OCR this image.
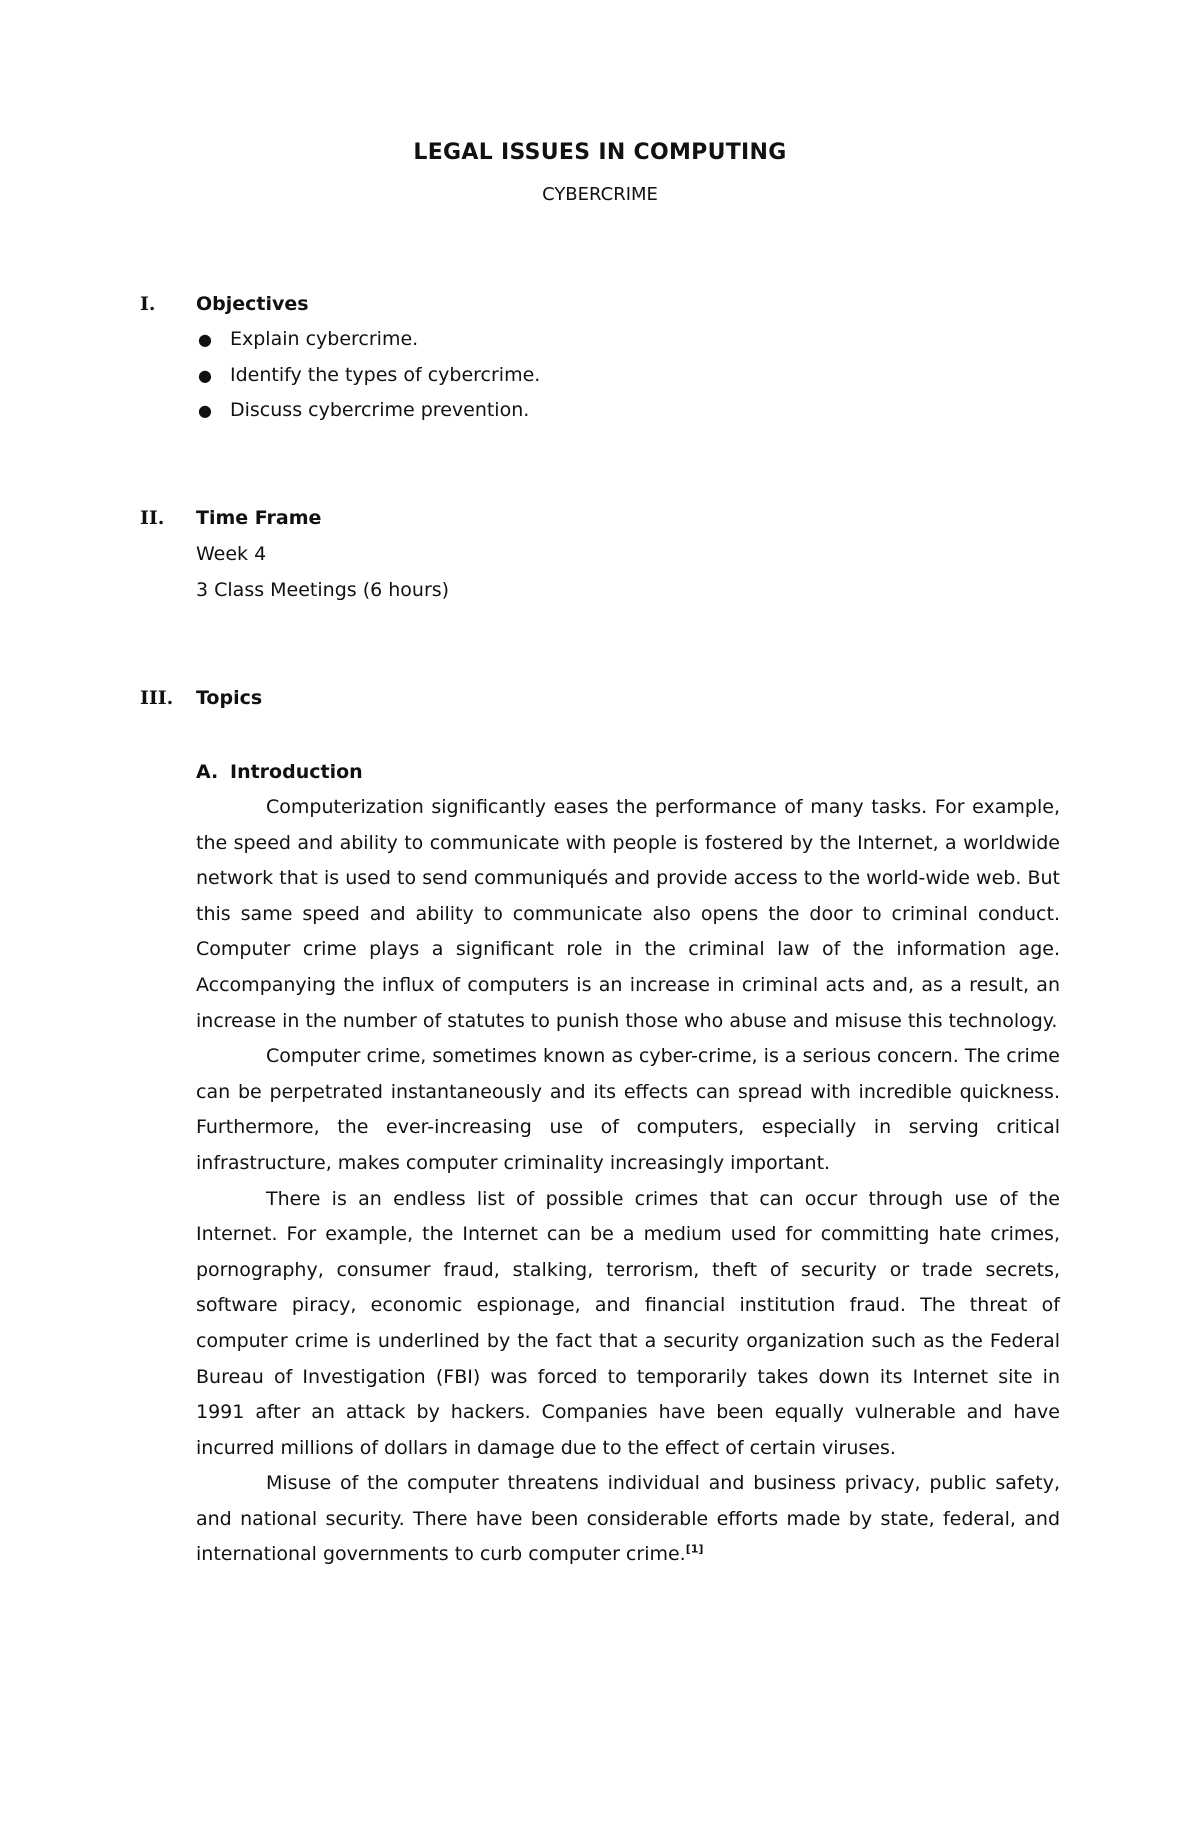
LEGAL ISSUES IN COMPUTING
CYBERCRIME
I. Objectives
● Explain cybercrime.
● Identify the types of cybercrime.
● Discuss cybercrime prevention.
II. Time Frame
Week 4
3 Class Meetings (6 hours)
III. Topics
A. Introduction

Computerization significantly eases the performance of many tasks. For example, the speed and ability to communicate with people is fostered by the Internet, a worldwide network that is used to send communiqués and provide access to the world-wide web. But this same speed and ability to communicate also opens the door to criminal conduct. Computer crime plays a significant role in the criminal law of the information age. Accompanying the influx of computers is an increase in criminal acts and, as a result, an increase in the number of statutes to punish those who abuse and misuse this technology.

Computer crime, sometimes known as cyber-crime, is a serious concern. The crime can be perpetrated instantaneously and its effects can spread with incredible quickness. Furthermore, the ever-increasing use of computers, especially in serving critical infrastructure, makes computer criminality increasingly important.

There is an endless list of possible crimes that can occur through use of the Internet. For example, the Internet can be a medium used for committing hate crimes, pornography, consumer fraud, stalking, terrorism, theft of security or trade secrets, software piracy, economic espionage, and financial institution fraud. The threat of computer crime is underlined by the fact that a security organization such as the Federal Bureau of Investigation (FBI) was forced to temporarily takes down its Internet site in 1991 after an attack by hackers. Companies have been equally vulnerable and have incurred millions of dollars in damage due to the effect of certain viruses.

Misuse of the computer threatens individual and business privacy, public safety, and national security. There have been considerable efforts made by state, federal, and international governments to curb computer crime.[1]
